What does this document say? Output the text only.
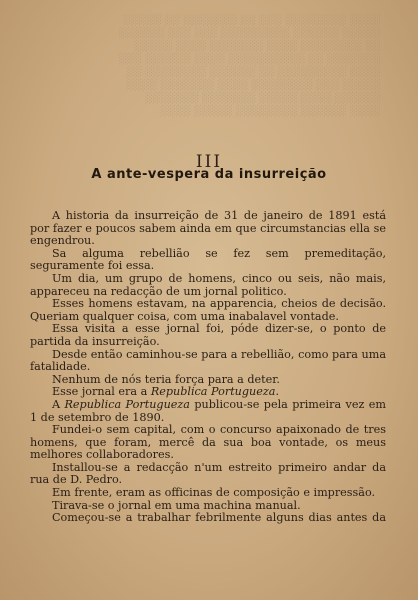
░░░░ ░░░░░░░░ ░░░ ░░ ░░░░░░░ ░░ ░░░░░
░░░░░ ░░░░░░ ░░░░░░░░░ ░░░ ░░░ ░░░░░░
░░ ░░░░░░░░ ░░░░ ░░░░░░░ ░░░░ ░░░░░
░░░░░░░ ░░ ░░░░░░░░░░ ░░░░ ░░░░░░ ░░░
░░░░ ░░░░░░░░░ ░░ ░░░░░░ ░░░░░░░░ ░░
░░░░░ ░░░ ░░░░░░░░ ░░░░ ░░░░░░░ ░░░░
░░░░░░ ░░░░ ░░░░░ ░░░░░░░ ░░░░░░░
░░░░ ░░░░░░ ░░░░░░░░ ░░░░░ ░░░░
III
A ante-vespera da insurreição

A historia da insurreição de 31 de janeiro de 1891 está por fazer e poucos sabem ainda em que circumstancias ella se engendrou.

Sa alguma rebellião se fez sem premeditação, seguramente foi essa.

Um dia, um grupo de homens, cinco ou seis, não mais, appareceu na redacção de um jornal politico.

Esses homens estavam, na apparencia, cheios de decisão. Queriam qualquer coisa, com uma inabalavel vontade.

Essa visita a esse jornal foi, póde dizer-se, o ponto de partida da insurreição.

Desde então caminhou-se para a rebellião, como para uma fatalidade.

Nenhum de nós teria força para a deter.

Esse jornal era a Republica Portugueza.

A Republica Portugueza publicou-se pela primeira vez em 1 de setembro de 1890.

Fundei-o sem capital, com o concurso apaixonado de tres homens, que foram, mercê da sua boa vontade, os meus melhores collaboradores.

Installou-se a redacção n'um estreito primeiro andar da rua de D. Pedro.

Em frente, eram as officinas de composição e impressão.

Tirava-se o jornal em uma machina manual.

Começou-se a trabalhar febrilmente alguns dias antes da
